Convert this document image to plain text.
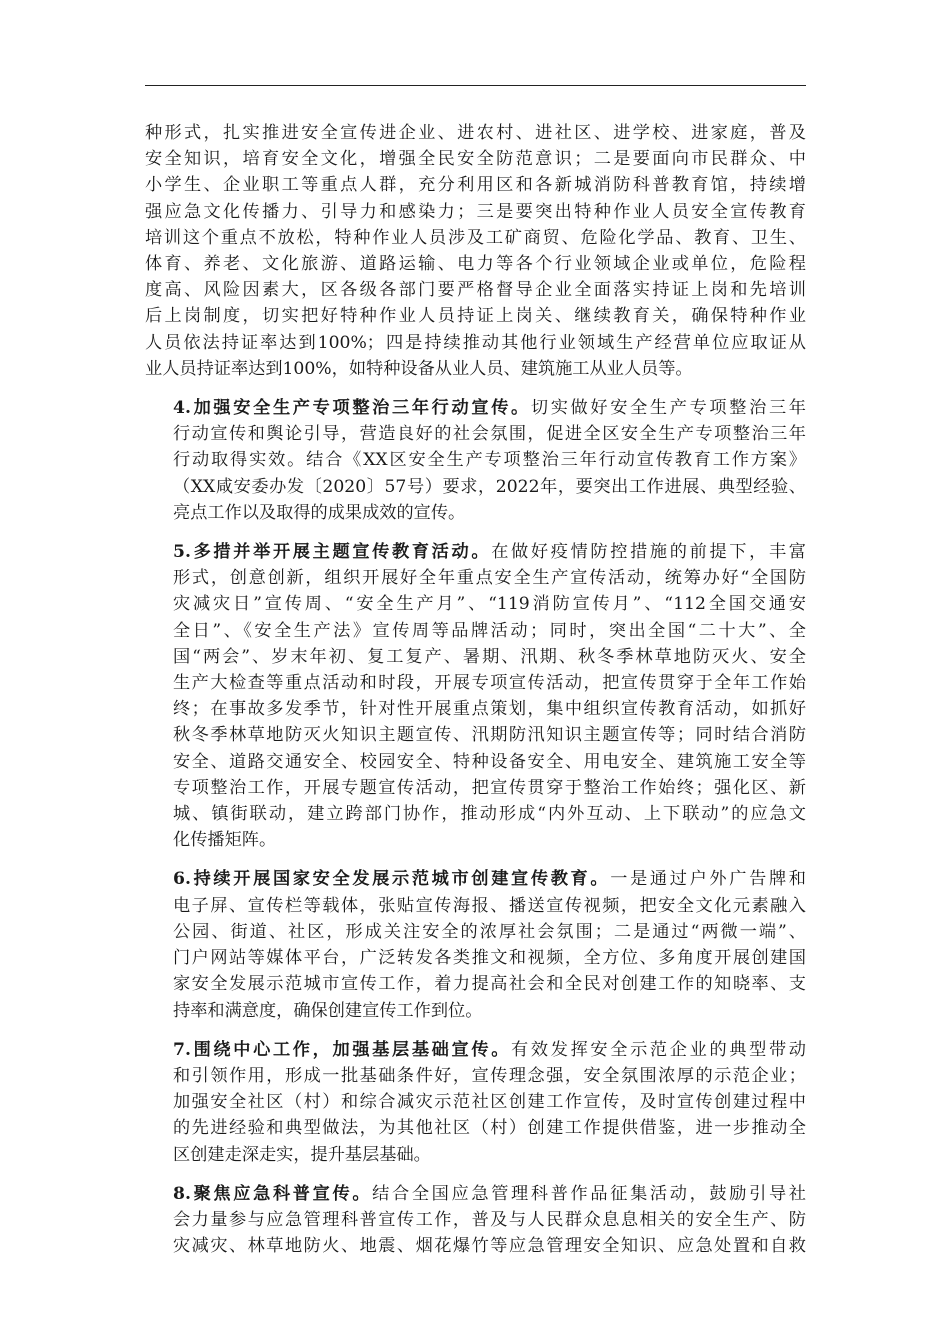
种形式，扎实推进安全宣传进企业、进农村、进社区、进学校、进家庭，普及
安全知识，培育安全文化，增强全民安全防范意识；二是要面向市民群众、中
小学生、企业职工等重点人群，充分利用区和各新城消防科普教育馆，持续增
强应急文化传播力、引导力和感染力；三是要突出特种作业人员安全宣传教育
培训这个重点不放松，特种作业人员涉及工矿商贸、危险化学品、教育、卫生、
体育、养老、文化旅游、道路运输、电力等各个行业领域企业或单位，危险程
度高、风险因素大，区各级各部门要严格督导企业全面落实持证上岗和先培训
后上岗制度，切实把好特种作业人员持证上岗关、继续教育关，确保特种作业
人员依法持证率达到100%；四是持续推动其他行业领域生产经营单位应取证从
业人员持证率达到100%，如特种设备从业人员、建筑施工从业人员等。

4.加强安全生产专项整治三年行动宣传。切实做好安全生产专项整治三年
行动宣传和舆论引导，营造良好的社会氛围，促进全区安全生产专项整治三年
行动取得实效。结合《XX区安全生产专项整治三年行动宣传教育工作方案》
（XX咸安委办发〔2020〕57号）要求，2022年，要突出工作进展、典型经验、
亮点工作以及取得的成果成效的宣传。

5.多措并举开展主题宣传教育活动。在做好疫情防控措施的前提下，丰富
形式，创意创新，组织开展好全年重点安全生产宣传活动，统筹办好“全国防
灾减灾日”宣传周、“安全生产月”、“119消防宣传月”、“112全国交通安
全日”、《安全生产法》宣传周等品牌活动；同时，突出全国“二十大”、全
国“两会”、岁末年初、复工复产、暑期、汛期、秋冬季林草地防灭火、安全
生产大检查等重点活动和时段，开展专项宣传活动，把宣传贯穿于全年工作始
终；在事故多发季节，针对性开展重点策划，集中组织宣传教育活动，如抓好
秋冬季林草地防灭火知识主题宣传、汛期防汛知识主题宣传等；同时结合消防
安全、道路交通安全、校园安全、特种设备安全、用电安全、建筑施工安全等
专项整治工作，开展专题宣传活动，把宣传贯穿于整治工作始终；强化区、新
城、镇街联动，建立跨部门协作，推动形成“内外互动、上下联动”的应急文
化传播矩阵。

6.持续开展国家安全发展示范城市创建宣传教育。一是通过户外广告牌和
电子屏、宣传栏等载体，张贴宣传海报、播送宣传视频，把安全文化元素融入
公园、街道、社区，形成关注安全的浓厚社会氛围；二是通过“两微一端”、
门户网站等媒体平台，广泛转发各类推文和视频，全方位、多角度开展创建国
家安全发展示范城市宣传工作，着力提高社会和全民对创建工作的知晓率、支
持率和满意度，确保创建宣传工作到位。

7.围绕中心工作，加强基层基础宣传。有效发挥安全示范企业的典型带动
和引领作用，形成一批基础条件好，宣传理念强，安全氛围浓厚的示范企业；
加强安全社区（村）和综合减灾示范社区创建工作宣传，及时宣传创建过程中
的先进经验和典型做法，为其他社区（村）创建工作提供借鉴，进一步推动全
区创建走深走实，提升基层基础。

8.聚焦应急科普宣传。结合全国应急管理科普作品征集活动，鼓励引导社
会力量参与应急管理科普宣传工作，普及与人民群众息息相关的安全生产、防
灾减灾、林草地防火、地震、烟花爆竹等应急管理安全知识、应急处置和自救
